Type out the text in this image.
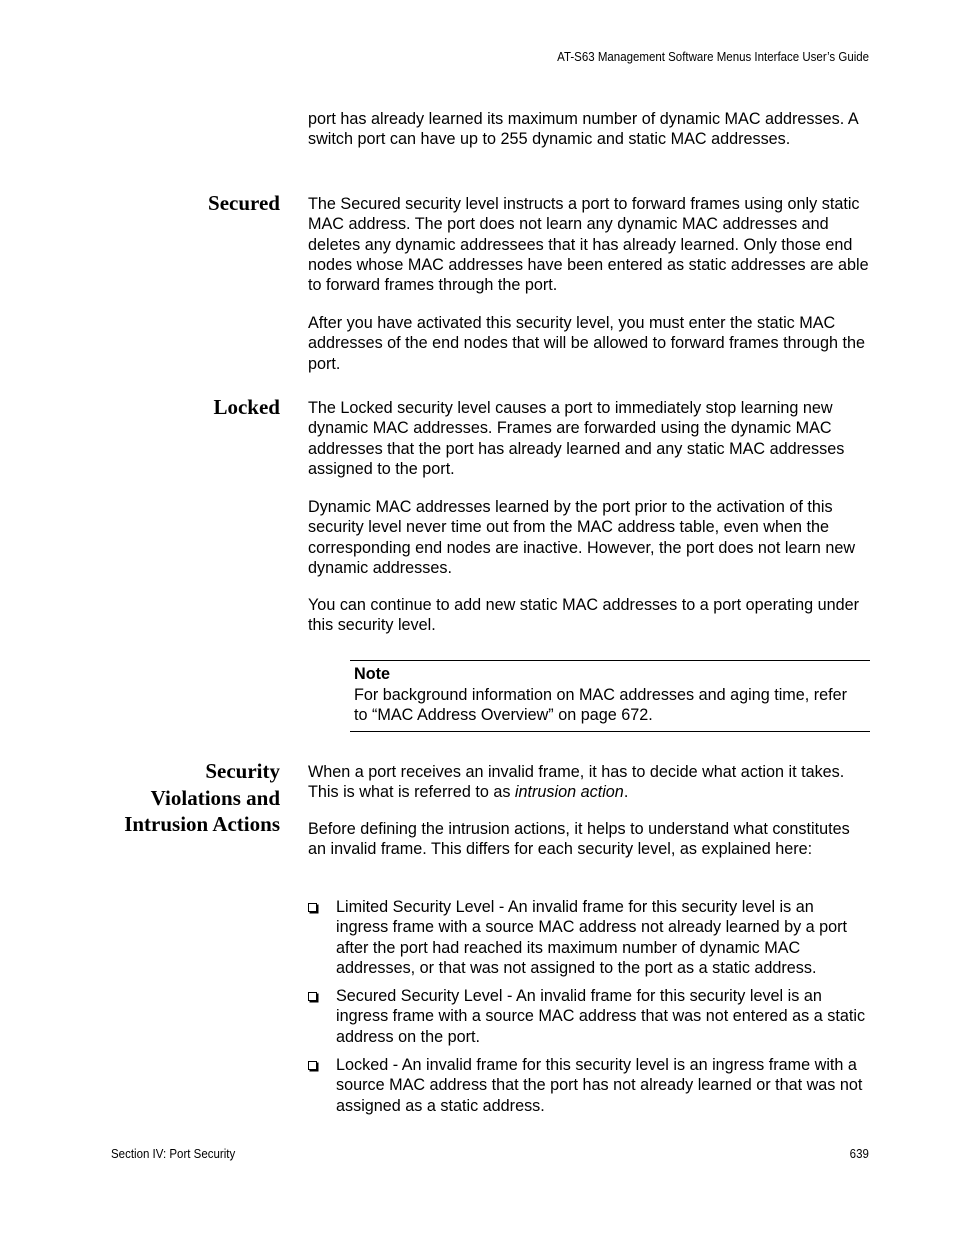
AT-S63 Management Software Menus Interface User’s Guide

port has already learned its maximum number of dynamic MAC addresses. A switch port can have up to 255 dynamic and static MAC addresses.

Secured The Secured security level instructs a port to forward frames using only static MAC address. The port does not learn any dynamic MAC addresses and deletes any dynamic addressees that it has already learned. Only those end nodes whose MAC addresses have been entered as static addresses are able to forward frames through the port.

After you have activated this security level, you must enter the static MAC addresses of the end nodes that will be allowed to forward frames through the port.

Locked The Locked security level causes a port to immediately stop learning new dynamic MAC addresses. Frames are forwarded using the dynamic MAC addresses that the port has already learned and any static MAC addresses assigned to the port.

Dynamic MAC addresses learned by the port prior to the activation of this security level never time out from the MAC address table, even when the corresponding end nodes are inactive. However, the port does not learn new dynamic addresses.

You can continue to add new static MAC addresses to a port operating under this security level.

Note
For background information on MAC addresses and aging time, refer to “MAC Address Overview” on page 672.
Security
Violations and
Intrusion Actions

When a port receives an invalid frame, it has to decide what action it takes. This is what is referred to as intrusion action.

Before defining the intrusion actions, it helps to understand what constitutes an invalid frame. This differs for each security level, as explained here:

Limited Security Level - An invalid frame for this security level is an ingress frame with a source MAC address not already learned by a port after the port had reached its maximum number of dynamic MAC addresses, or that was not assigned to the port as a static address.
Secured Security Level - An invalid frame for this security level is an ingress frame with a source MAC address that was not entered as a static address on the port.
Locked - An invalid frame for this security level is an ingress frame with a source MAC address that the port has not already learned or that was not assigned as a static address.
Section IV: Port Security	639
